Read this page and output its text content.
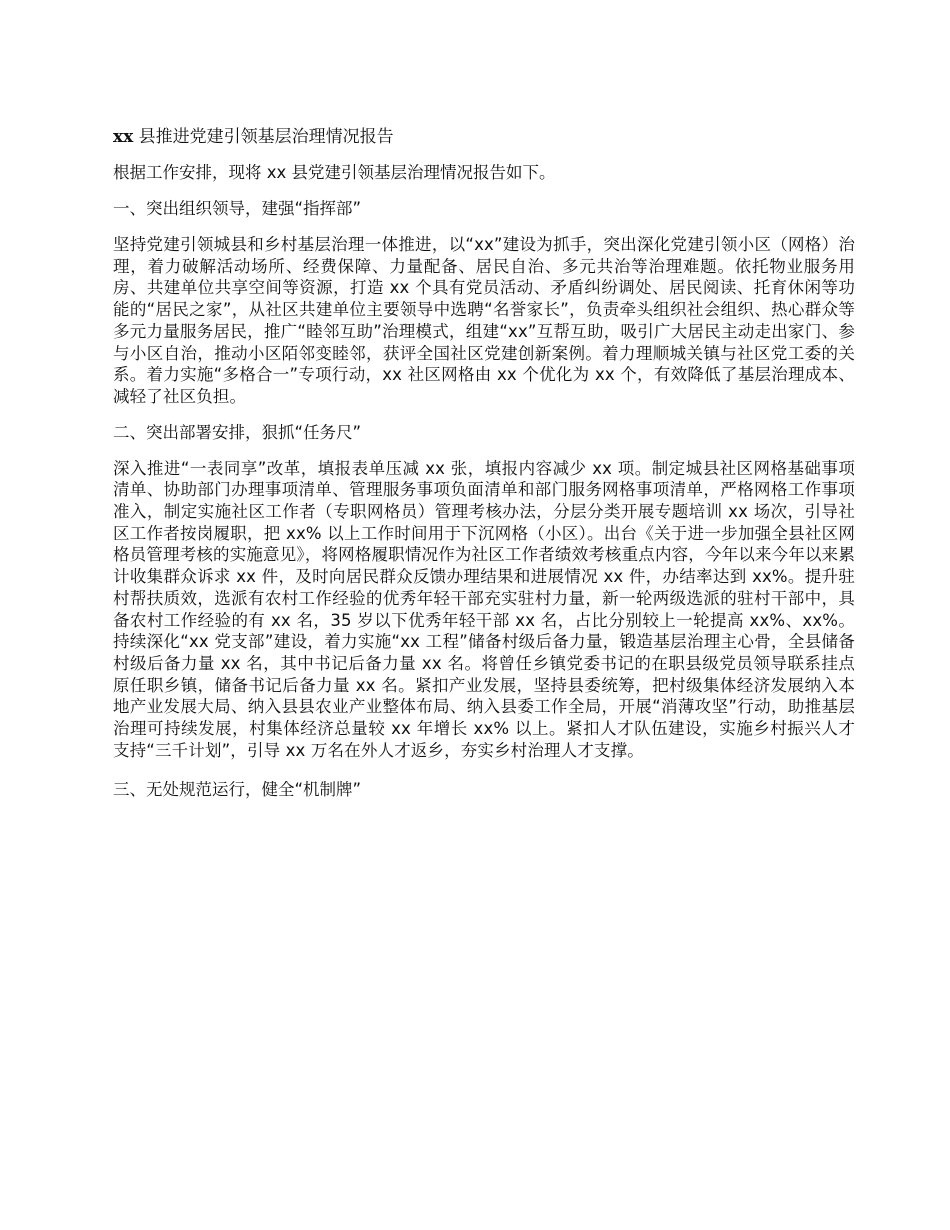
xx 县推进党建引领基层治理情况报告
根据工作安排，现将 xx 县党建引领基层治理情况报告如下。
一、突出组织领导，建强“指挥部”
坚持党建引领城县和乡村基层治理一体推进，以“xx”建设为抓手，突出深化党建引领小区（网格）治理，着力破解活动场所、经费保障、力量配备、居民自治、多元共治等治理难题。依托物业服务用房、共建单位共享空间等资源，打造 xx 个具有党员活动、矛盾纠纷调处、居民阅读、托育休闲等功能的“居民之家”，从社区共建单位主要领导中选聘“名誉家长”，负责牵头组织社会组织、热心群众等多元力量服务居民，推广“睦邻互助”治理模式，组建“xx”互帮互助，吸引广大居民主动走出家门、参与小区自治，推动小区陌邻变睦邻，获评全国社区党建创新案例。着力理顺城关镇与社区党工委的关系。着力实施“多格合一”专项行动，xx 社区网格由 xx 个优化为 xx 个，有效降低了基层治理成本、减轻了社区负担。
二、突出部署安排，狠抓“任务尺”
深入推进“一表同享”改革，填报表单压减 xx 张，填报内容减少 xx 项。制定城县社区网格基础事项清单、协助部门办理事项清单、管理服务事项负面清单和部门服务网格事项清单，严格网格工作事项准入，制定实施社区工作者（专职网格员）管理考核办法，分层分类开展专题培训 xx 场次，引导社区工作者按岗履职，把 xx% 以上工作时间用于下沉网格（小区）。出台《关于进一步加强全县社区网格员管理考核的实施意见》，将网格履职情况作为社区工作者绩效考核重点内容，今年以来今年以来累计收集群众诉求 xx 件，及时向居民群众反馈办理结果和进展情况 xx 件，办结率达到 xx%。提升驻村帮扶质效，选派有农村工作经验的优秀年轻干部充实驻村力量，新一轮两级选派的驻村干部中，具备农村工作经验的有 xx 名，35 岁以下优秀年轻干部 xx 名，占比分别较上一轮提高 xx%、xx%。持续深化“xx 党支部”建设，着力实施“xx 工程”储备村级后备力量，锻造基层治理主心骨，全县储备村级后备力量 xx 名，其中书记后备力量 xx 名。将曾任乡镇党委书记的在职县级党员领导联系挂点原任职乡镇，储备书记后备力量 xx 名。紧扣产业发展，坚持县委统筹，把村级集体经济发展纳入本地产业发展大局、纳入县县农业产业整体布局、纳入县委工作全局，开展“消薄攻坚”行动，助推基层治理可持续发展，村集体经济总量较 xx 年增长 xx% 以上。紧扣人才队伍建设，实施乡村振兴人才支持“三千计划”，引导 xx 万名在外人才返乡，夯实乡村治理人才支撑。
三、无处规范运行，健全“机制牌”
